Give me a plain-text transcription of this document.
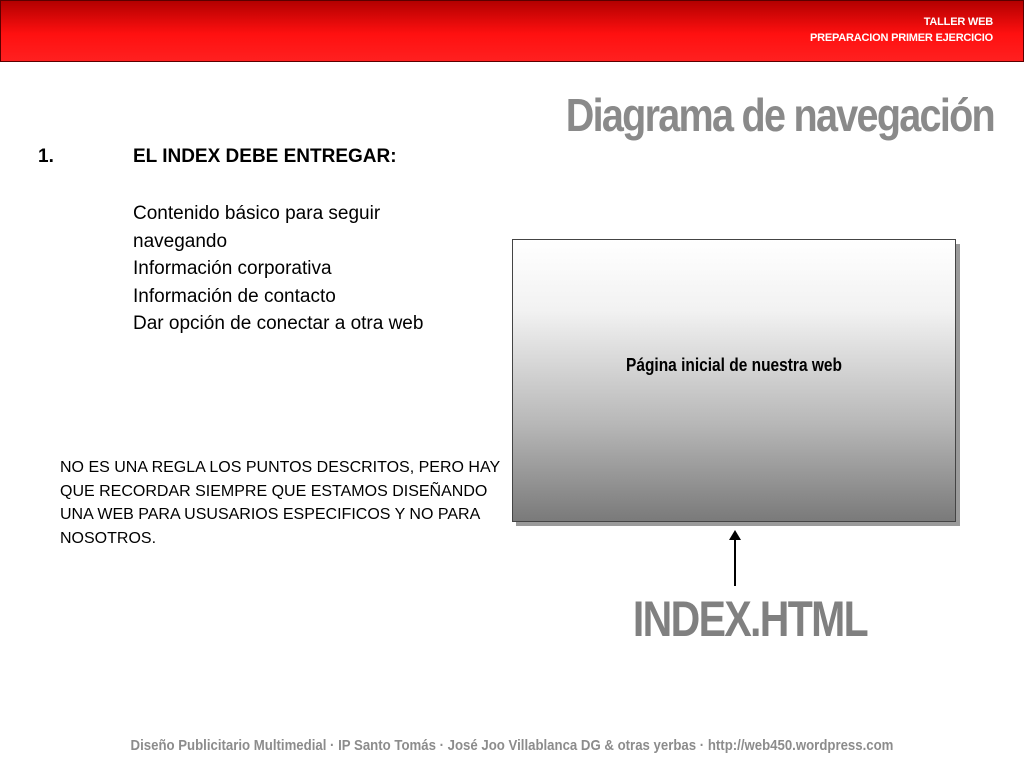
TALLER WEB
PREPARACION PRIMER EJERCICIO
Diagrama de navegación
1.	EL INDEX DEBE ENTREGAR:
Contenido básico para seguir navegando
Información corporativa
Información de contacto
Dar opción de conectar a otra web
NO ES UNA REGLA LOS PUNTOS DESCRITOS, PERO HAY QUE RECORDAR SIEMPRE QUE ESTAMOS DISEÑANDO UNA WEB PARA USUSARIOS ESPECIFICOS Y NO PARA NOSOTROS.
Página inicial de nuestra web
INDEX.HTML
Diseño Publicitario Multimedial · IP Santo Tomás · José Joo Villablanca DG & otras yerbas · http://web450.wordpress.com
